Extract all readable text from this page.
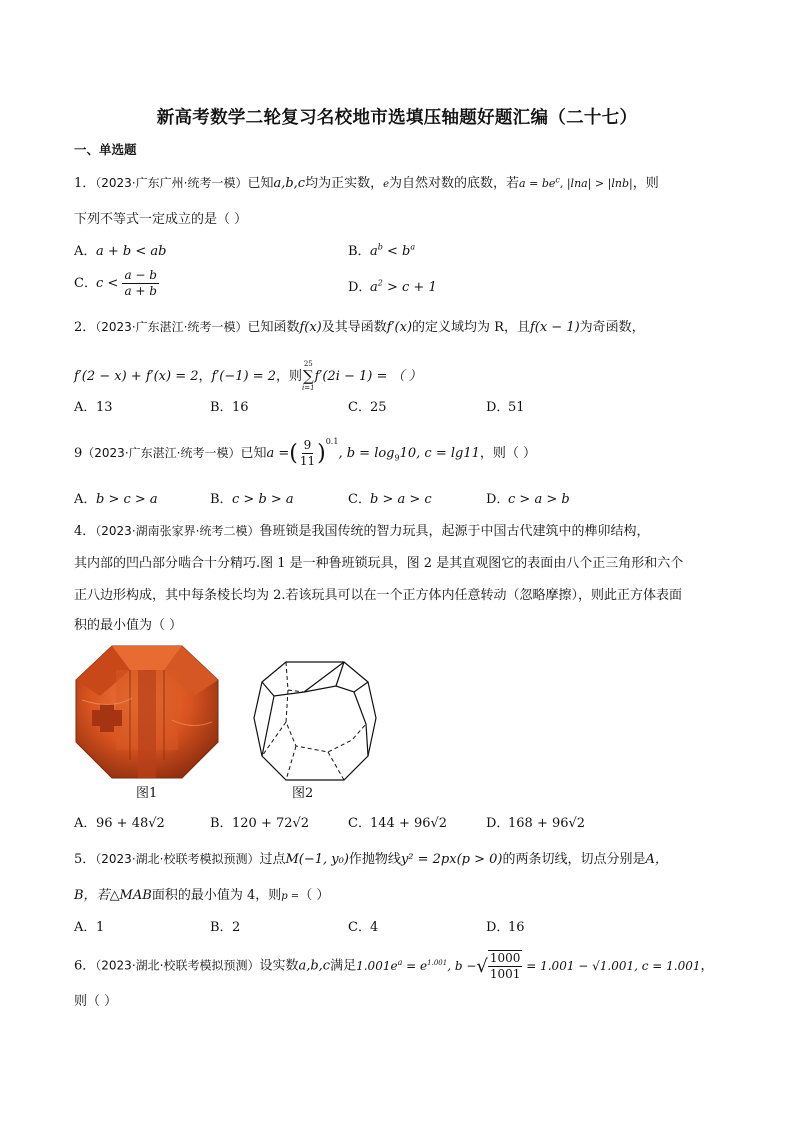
新高考数学二轮复习名校地市选填压轴题好题汇编（二十七）
一、单选题
1．（2023·广东广州·统考一模）已知a,b,c均为正实数，e为自然对数的底数，若$a = be^c$, |lna| > |lnb|，则
下列不等式一定成立的是（ ）
A．a + b < ab	B．$a^b < b^a$
C．$c < \frac{a - b}{a + b}$	D．$a^2 > c + 1$
2．（2023·广东湛江·统考一模）已知函数f(x)及其导函数f′(x)的定义域均为 R，且f(x − 1)为奇函数，
f′(2 − x) + f′(x) = 2，f′(−1) = 2，则
25
∑
i=1
f′(2i − 1) = （ ）
A．13	B．16	C．25	D．51
9（2023·广东湛江·统考一模）已知a =( $\frac{9}{11} )^{0.1}$, $b = \log_910$, c = lg11，则（ ）
A．b > c > a	B．c > b > a	C．b > a > c	D．c > a > b
4．（2023·湖南张家界·统考二模）鲁班锁是我国传统的智力玩具，起源于中国古代建筑中的榫卯结构，
其内部的凹凸部分啮合十分精巧.图 1 是一种鲁班锁玩具，图 2 是其直观图它的表面由八个正三角形和六个
正八边形构成，其中每条棱长均为 2.若该玩具可以在一个正方体内任意转动（忽略摩擦），则此正方体表面
积的最小值为（ ）
图1	图2
A．96 + 48√2	B．120 + 72√2	C．144 + 96√2	D．168 + 96√2
5．（2023·湖北·校联考模拟预测）过点M(−1, y₀)作抛物线y² = 2px(p > 0)的两条切线，切点分别是A，
B，若△MAB面积的最小值为 4，则p =（ ）
A．1	B．2	C．4	D．16
6．（2023·湖北·校联考模拟预测）设实数a,b,c满足$1.001e^a = e^{1.001}$, b −√ $\frac{1000}{1001} = 1.001 - √1.001$, c = 1.001，
则（ ）
